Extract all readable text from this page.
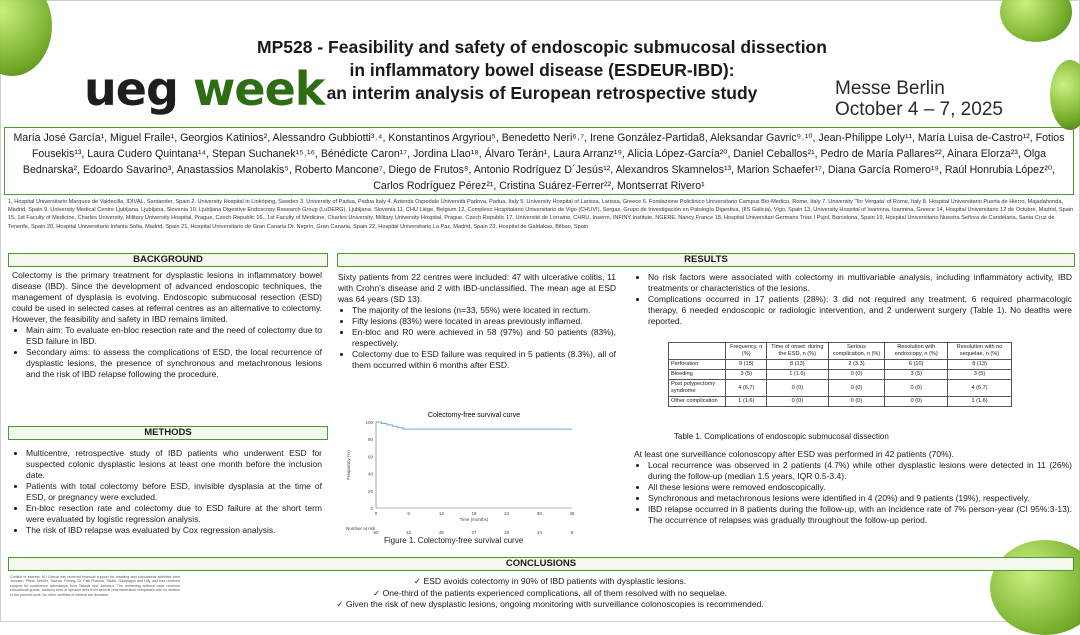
ueg week
MP528 - Feasibility and safety of endoscopic submucosal dissection
in inflammatory bowel disease (ESDEUR-IBD):
an interim analysis of European retrospective study	Messe Berlin
October 4 – 7, 2025
María José García¹, Miguel Fraile¹, Georgios Katinios², Alessandro Gubbiotti³˒⁴, Konstantinos Argyriou⁵, Benedetto Neri⁶˒⁷, Irene González-Partida8, Aleksandar Gavric⁹˒¹⁰, Jean-Philippe Loly¹¹, María Luisa de-Castro¹², Fotios Fousekis¹³, Laura Cudero Quintana¹⁴, Stepan Suchanek¹⁵˒¹⁶, Bénédicte Caron¹⁷, Jordina Llao¹⁸, Álvaro Terán¹, Laura Arranz¹⁹, Alicia López-García²⁰, Daniel Ceballos²¹, Pedro de María Pallares²², Ainara Elorza²³, Olga Bednarska², Edoardo Savarino³, Anastassios Manolakis⁵, Roberto Mancone⁷, Diego de Frutos⁸, Antonio Rodríguez D´Jesús¹², Alexandros Skamnelos¹³, Marion Schaefer¹⁷, Diana García Romero¹⁹, Raúl Honrubia López²⁰, Carlos Rodríguez Pérez²¹, Cristina Suárez-Ferrer²², Montserrat Rivero¹
1, Hospital Universitario Marques de Valdecilla, IDIVAL, Santander, Spain 2. University Hospital in Linköping, Sweden 3. University of Padua, Padua Italy 4. Azienda Ospedale Università Padova, Padua, Italy 5. University Hospital of Larissa, Larissa, Greece 6. Fondazione Policlinico Universitario Campus Bio-Medico, Rome, Italy 7. University 'Tor Vergata' of Rome, Italy 8. Hospital Universitario Puerta de Hierro, Majadahonda, Madrid, Spain 9. University Medical Centre Ljubljana, Ljubljana, Slovenia 10. Ljubljana Digestive Endoscopy Research Group (LuDERG), Ljubljana, Slovenia 11, CHU Liège, Belgium 12, Complexo Hospitalario Universitario de Vigo (CHUVI), Sergas, Grupo de Investigación en Patología Digestiva, (IIS Galicia), Vigo, Spain 13, University Hospital of Ioannina, Ioannina, Greece 14, Hospital Universitario 12 de Octubre, Madrid, Spain 15, 1st Faculty of Medicine, Charles University, Military University Hospital, Prague, Czech Republic 16,, 1st Faculty of Medicine, Charles University, Military University Hospital, Prague, Czech Republic 17, Université de Lorraine, CHRU, Inserm, INFINY Institute, NGERE, Nancy France 18, Hospital Universitari Germans Trias I Pujol, Barcelona, Spain 19, Hospital Universitario Nuestra Señora de Candelaria, Santa Cruz de Tenerife, Spain 20, Hospital Universitario Infanta Sofia, Madrid, Spain 21, Hospital Universitario de Gran Canaria Dr. Negrín, Gran Canaria, Spain 22, Hospital Universitario La Paz, Madrid, Spain 23, Hospital de Galdakao, Bilbao, Spain
BACKGROUND

Colectomy is the primary treatment for dysplastic lesions in inflammatory bowel disease (IBD). Since the development of advanced endoscopic techniques, the management of dysplasia is evolving. Endoscopic submucosal resection (ESD) could be used in selected cases at referral centres as an alternative to colectomy. However, the feasibility and safety in IBD remains limited.

• Main aim: To evaluate en-bloc resection rate and the need of colectomy due to ESD failure in IBD.
• Secondary aims: to assess the complications of ESD, the local recurrence of dysplastic lesions, the presence of synchronous and metachronous lesions and the risk of IBD relapse following the procedure.
METHODS
• Multicentre, retrospective study of IBD patients who underwent ESD for suspected colonic dysplastic lesions at least one month before the inclusion date.
• Patients with total colectomy before ESD, invisible dysplasia at the time of ESD, or pregnancy were excluded.
• En-bloc resection rate and colectomy due to ESD failure at the short term were evaluated by logistic regression analysis.
• The risk of IBD relapse was evaluated by Cox regression analysis.
RESULTS

Sixty patients from 22 centres were included: 47 with ulcerative colitis, 11 with Crohn's disease and 2 with IBD-unclassified. The mean age at ESD was 64 years (SD 13).

• The majority of the lesions (n=33, 55%) were located in rectum.
• Fifty lesions (83%) were located in areas previously inflamed.
• En-bloc and R0 were achieved in 58 (97%) and 50 patients (83%), respectively.
• Colectomy due to ESD failure was required in 5 patients (8.3%), all of them occurred within 6 months after ESD.
Colectomy-free survival curve
0
20
40
60
80
100
0	6	12	18	24	30	36
Time (months)
Frequency (%)
Number at risk
60	42	35	27	18	14	5
Figure 1. Colectomy-free survival curve
• No risk factors were associated with colectomy in multivariable analysis, including inflammatory activity, IBD treatments or characteristics of the lesions.
• Complications occurred in 17 patients (28%): 3 did not required any treatment, 6 required pharmacologic therapy, 6 needed endoscopic or radiologic intervention, and 2 underwent surgery (Table 1). No deaths were reported.
	Frequency, n (%)	Time of onset: during the ESD, n (%)	Serious complication, n (%)	Resolution with endoscopy, n (%)	Resolution with no sequelae, n (%)
Perforation	9 (15)	8 (13)	2 (3.3)	6 (10)	8 (13)
Bleeding	3 (5)	1 (1.6)	0 (0)	3 (5)	3 (5)
Post polypectomy syndrome	4 (6.7)	0 (0)	0 (0)	0 (0)	4 (6.7)
Other complication	1 (1.6)	0 (0)	0 (0)	0 (0)	1 (1.6)
Table 1. Complications of endoscopic submucosal dissection

At least one surveillance colonoscopy after ESD was performed in 42 patients (70%).

• Local recurrence was observed in 2 patients (4.7%) while other dysplastic lesions were detected in 11 (26%) during the follow-up (median 1.5 years, IQR 0.5-3.4).
• All these lesions were removed endoscopically.
• Synchronous and metachronous lesions were identified in 4 (20%) and 9 patients (19%), respectively.
• IBD relapse occurred in 8 patients during the follow-up, with an incidence rate of 7% person-year (CI 95%:3-13). The occurrence of relapses was gradually throughout the follow-up period.
CONCLUSIONS
✓ ESD avoids colectomy in 90% of IBD patients with dysplastic lesions.
✓ One-third of the patients experienced complications, all of them resolved with no sequelae.
✓ Given the risk of new dysplastic lesions, ongoing monitoring with surveillance colonoscopies is recommended.
Conflict of interest: MJ García has received financial support for traveling and educational activities from Janssen, Pfizer, AbbVie, Takeda, Ferring, Dr. Falk Pharma, Tillotts, Galapagos and Lilly, and has received support for conference attendance from Takeda and Janssen. The remaining authors have received educational grants, advisory fees or speaker fees from several pharmaceutical companies with no relation to the present work. No other conflicts of interest are declared.
